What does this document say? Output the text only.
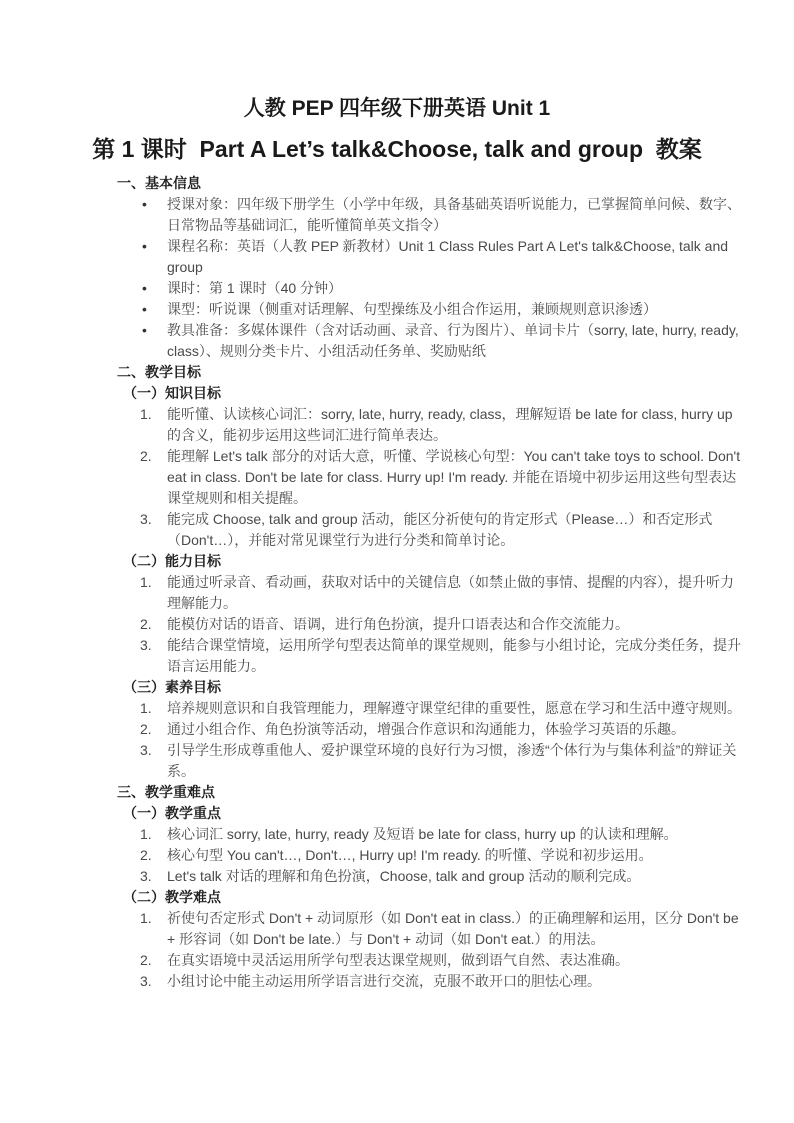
人教 PEP 四年级下册英语 Unit 1
第 1 课时  Part A Let’s talk&Choose, talk and group  教案
一、基本信息
• 授课对象：四年级下册学生（小学中年级，具备基础英语听说能力，已掌握简单问候、数字、日常物品等基础词汇，能听懂简单英文指令）
• 课程名称：英语（人教 PEP 新教材）Unit 1 Class Rules Part A Let's talk&Choose, talk and group
• 课时：第 1 课时（40 分钟）
• 课型：听说课（侧重对话理解、句型操练及小组合作运用，兼顾规则意识渗透）
• 教具准备：多媒体课件（含对话动画、录音、行为图片）、单词卡片（sorry, late, hurry, ready, class）、规则分类卡片、小组活动任务单、奖励贴纸
二、教学目标
（一）知识目标
能听懂、认读核心词汇：sorry, late, hurry, ready, class，理解短语 be late for class, hurry up 的含义，能初步运用这些词汇进行简单表达。
能理解 Let's talk 部分的对话大意，听懂、学说核心句型：You can't take toys to school. Don't eat in class. Don't be late for class. Hurry up! I'm ready. 并能在语境中初步运用这些句型表达课堂规则和相关提醒。
能完成 Choose, talk and group 活动，能区分祈使句的肯定形式（Please…）和否定形式（Don't…），并能对常见课堂行为进行分类和简单讨论。
（二）能力目标
能通过听录音、看动画，获取对话中的关键信息（如禁止做的事情、提醒的内容），提升听力理解能力。
能模仿对话的语音、语调，进行角色扮演，提升口语表达和合作交流能力。
能结合课堂情境，运用所学句型表达简单的课堂规则，能参与小组讨论，完成分类任务，提升语言运用能力。
（三）素养目标
培养规则意识和自我管理能力，理解遵守课堂纪律的重要性，愿意在学习和生活中遵守规则。
通过小组合作、角色扮演等活动，增强合作意识和沟通能力，体验学习英语的乐趣。
引导学生形成尊重他人、爱护课堂环境的良好行为习惯，渗透“个体行为与集体利益”的辩证关系。
三、教学重难点
（一）教学重点
核心词汇 sorry, late, hurry, ready 及短语 be late for class, hurry up 的认读和理解。
核心句型 You can't…, Don't…, Hurry up! I'm ready. 的听懂、学说和初步运用。
Let's talk 对话的理解和角色扮演，Choose, talk and group 活动的顺利完成。
（二）教学难点
祈使句否定形式 Don't + 动词原形（如 Don't eat in class.）的正确理解和运用，区分 Don't be + 形容词（如 Don't be late.）与 Don't + 动词（如 Don't eat.）的用法。
在真实语境中灵活运用所学句型表达课堂规则，做到语气自然、表达准确。
小组讨论中能主动运用所学语言进行交流，克服不敢开口的胆怯心理。
